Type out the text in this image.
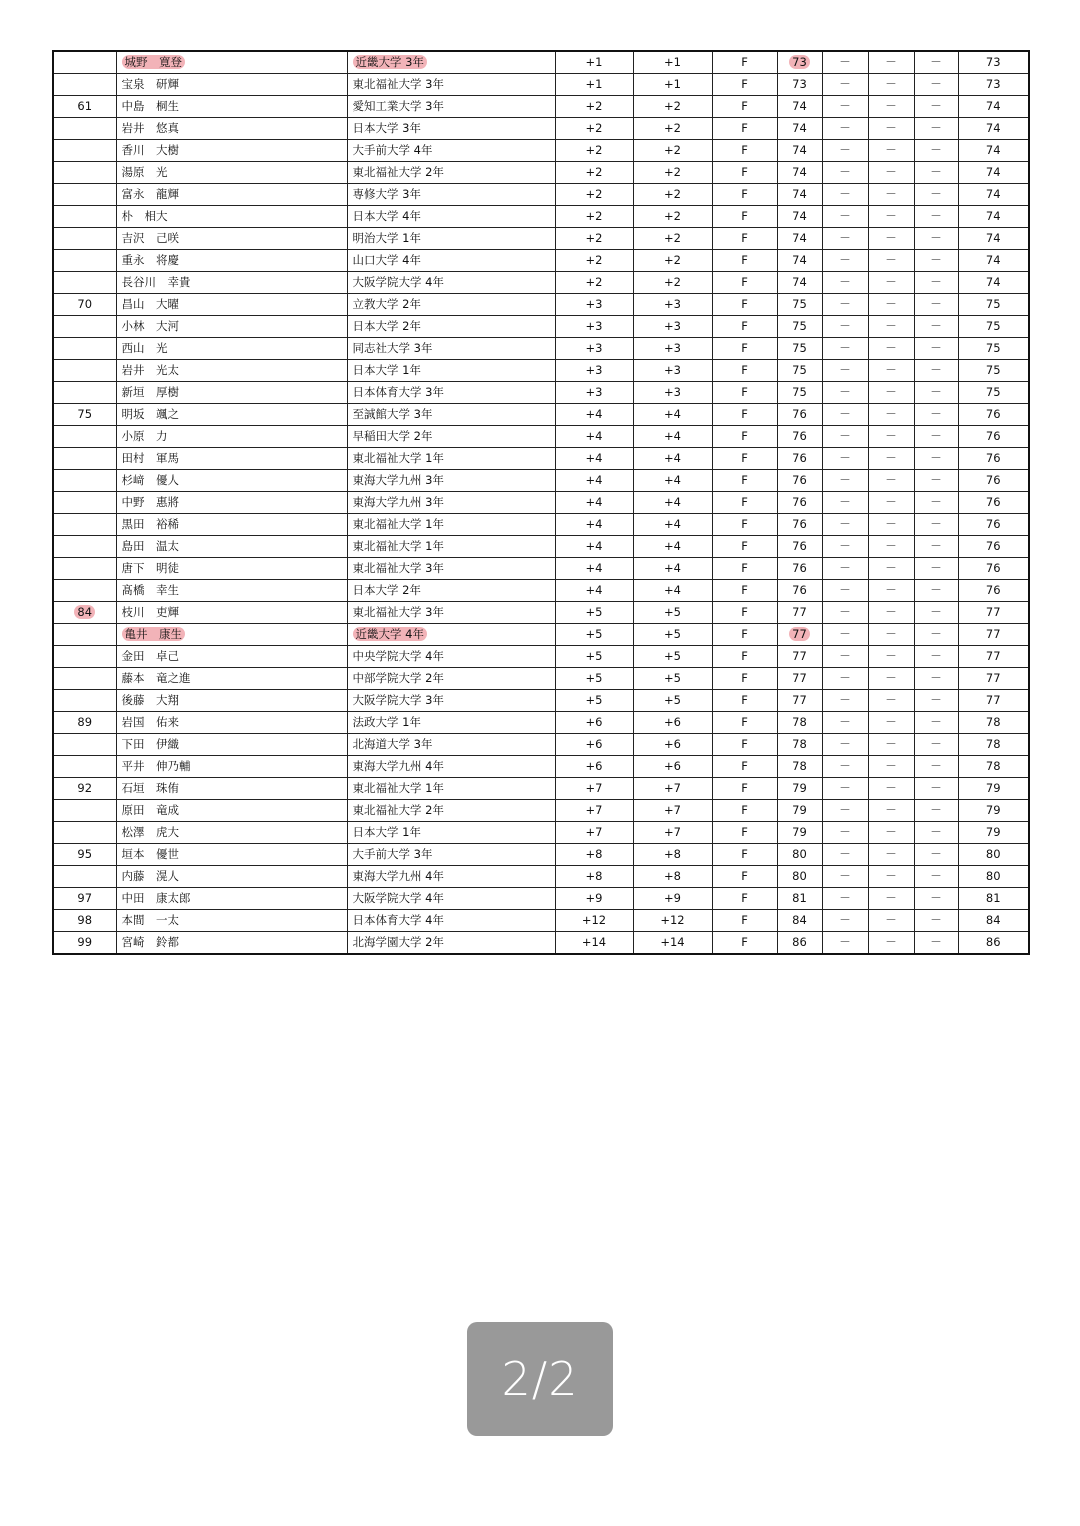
	城野　寛登	近畿大学 3年	+1	+1	F	73	－	－	－	73
	宝泉　研輝	東北福祉大学 3年	+1	+1	F	73	－	－	－	73
61	中島　桐生	愛知工業大学 3年	+2	+2	F	74	－	－	－	74
	岩井　悠真	日本大学 3年	+2	+2	F	74	－	－	－	74
	香川　大樹	大手前大学 4年	+2	+2	F	74	－	－	－	74
	湯原　光	東北福祉大学 2年	+2	+2	F	74	－	－	－	74
	富永　龍輝	専修大学 3年	+2	+2	F	74	－	－	－	74
	朴　相大	日本大学 4年	+2	+2	F	74	－	－	－	74
	吉沢　己咲	明治大学 1年	+2	+2	F	74	－	－	－	74
	重永　将慶	山口大学 4年	+2	+2	F	74	－	－	－	74
	長谷川　幸貴	大阪学院大学 4年	+2	+2	F	74	－	－	－	74
70	昌山　大曜	立教大学 2年	+3	+3	F	75	－	－	－	75
	小林　大河	日本大学 2年	+3	+3	F	75	－	－	－	75
	西山　光	同志社大学 3年	+3	+3	F	75	－	－	－	75
	岩井　光太	日本大学 1年	+3	+3	F	75	－	－	－	75
	新垣　厚樹	日本体育大学 3年	+3	+3	F	75	－	－	－	75
75	明坂　颯之	至誠館大学 3年	+4	+4	F	76	－	－	－	76
	小原　力	早稲田大学 2年	+4	+4	F	76	－	－	－	76
	田村　軍馬	東北福祉大学 1年	+4	+4	F	76	－	－	－	76
	杉﨑　優人	東海大学九州 3年	+4	+4	F	76	－	－	－	76
	中野　惠將	東海大学九州 3年	+4	+4	F	76	－	－	－	76
	黒田　裕稀	東北福祉大学 1年	+4	+4	F	76	－	－	－	76
	島田　温太	東北福祉大学 1年	+4	+4	F	76	－	－	－	76
	唐下　明徒	東北福祉大学 3年	+4	+4	F	76	－	－	－	76
	髙橋　幸生	日本大学 2年	+4	+4	F	76	－	－	－	76
84	枝川　吏輝	東北福祉大学 3年	+5	+5	F	77	－	－	－	77
	亀井　康生	近畿大学 4年	+5	+5	F	77	－	－	－	77
	金田　卓己	中央学院大学 4年	+5	+5	F	77	－	－	－	77
	藤本　竜之進	中部学院大学 2年	+5	+5	F	77	－	－	－	77
	後藤　大翔	大阪学院大学 3年	+5	+5	F	77	－	－	－	77
89	岩国　佑来	法政大学 1年	+6	+6	F	78	－	－	－	78
	下田　伊織	北海道大学 3年	+6	+6	F	78	－	－	－	78
	平井　伸乃輔	東海大学九州 4年	+6	+6	F	78	－	－	－	78
92	石垣　珠侑	東北福祉大学 1年	+7	+7	F	79	－	－	－	79
	原田　竜成	東北福祉大学 2年	+7	+7	F	79	－	－	－	79
	松澤　虎大	日本大学 1年	+7	+7	F	79	－	－	－	79
95	垣本　優世	大手前大学 3年	+8	+8	F	80	－	－	－	80
	内藤　滉人	東海大学九州 4年	+8	+8	F	80	－	－	－	80
97	中田　康太郎	大阪学院大学 4年	+9	+9	F	81	－	－	－	81
98	本間　一太	日本体育大学 4年	+12	+12	F	84	－	－	－	84
99	宮崎　鈴都	北海学園大学 2年	+14	+14	F	86	－	－	－	86
2/2
